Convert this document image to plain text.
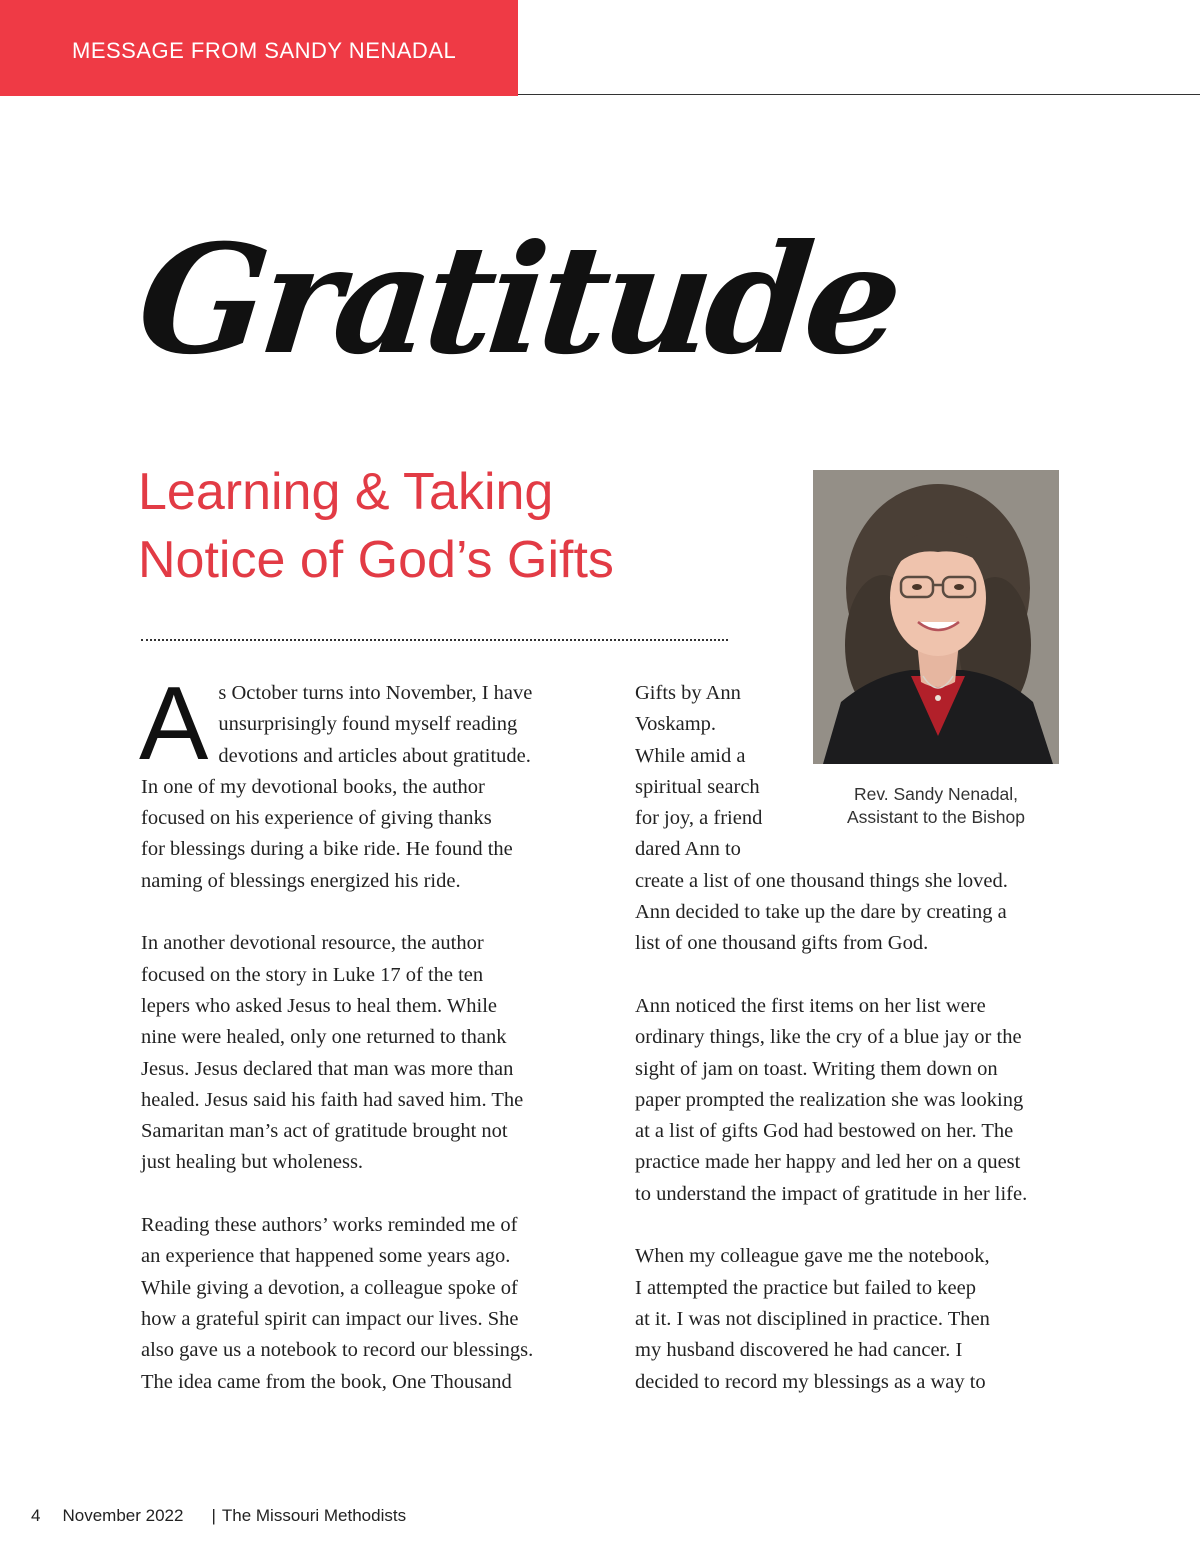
MESSAGE FROM SANDY NENADAL
Gratitude
Learning & Taking
Notice of God’s Gifts
Rev. Sandy Nenadal,
Assistant to the Bishop
A s October turns into November, I have
unsurprisingly found myself reading
devotions and articles about gratitude.
In one of my devotional books, the author
focused on his experience of giving thanks
for blessings during a bike ride. He found the
naming of blessings energized his ride.
In another devotional resource, the author
focused on the story in Luke 17 of the ten
lepers who asked Jesus to heal them. While
nine were healed, only one returned to thank
Jesus. Jesus declared that man was more than
healed. Jesus said his faith had saved him. The
Samaritan man’s act of gratitude brought not
just healing but wholeness.
Reading these authors’ works reminded me of
an experience that happened some years ago.
While giving a devotion, a colleague spoke of
how a grateful spirit can impact our lives. She
also gave us a notebook to record our blessings.
The idea came from the book, One Thousand
Gifts by Ann
Voskamp.
While amid a
spiritual search
for joy, a friend
dared Ann to
create a list of one thousand things she loved.
Ann decided to take up the dare by creating a
list of one thousand gifts from God.
Ann noticed the first items on her list were
ordinary things, like the cry of a blue jay or the
sight of jam on toast. Writing them down on
paper prompted the realization she was looking
at a list of gifts God had bestowed on her. The
practice made her happy and led her on a quest
to understand the impact of gratitude in her life.
When my colleague gave me the notebook,
I attempted the practice but failed to keep
at it. I was not disciplined in practice. Then
my husband discovered he had cancer. I
decided to record my blessings as a way to
4 November 2022 | The Missouri Methodists
